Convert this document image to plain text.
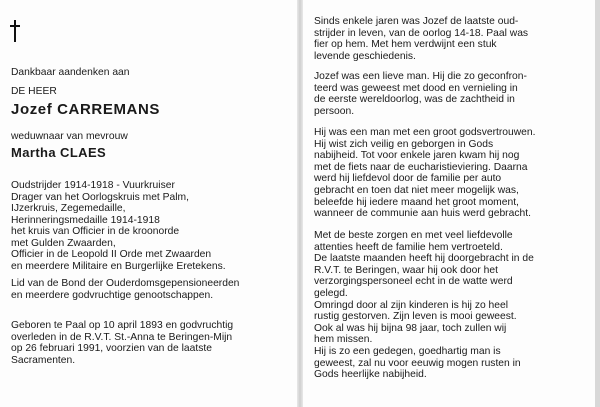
Dankbaar aandenken aan
DE HEER
Jozef CARREMANS
weduwnaar van mevrouw
Martha CLAES
Oudstrijder 1914-1918 - Vuurkruiser
Drager van het Oorlogskruis met Palm,
IJzerkruis, Zegemedaille,
Herinneringsmedaille 1914-1918
het kruis van Officier in de kroonorde
met Gulden Zwaarden,
Officier in de Leopold II Orde met Zwaarden
en meerdere Militaire en Burgerlijke Eretekens.
Lid van de Bond der Ouderdomsgepensioneerden
en meerdere godvruchtige genootschappen.
Geboren te Paal op 10 april 1893 en godvruchtig
overleden in de R.V.T. St.-Anna te Beringen-Mijn
op 26 februari 1991, voorzien van de laatste
Sacramenten.
Sinds enkele jaren was Jozef de laatste oud-
strijder in leven, van de oorlog 14-18. Paal was
fier op hem. Met hem verdwijnt een stuk
levende geschiedenis.
Jozef was een lieve man. Hij die zo geconfron-
teerd was geweest met dood en vernieling in
de eerste wereldoorlog, was de zachtheid in
persoon.
Hij was een man met een groot godsvertrouwen.
Hij wist zich veilig en geborgen in Gods
nabijheid. Tot voor enkele jaren kwam hij nog
met de fiets naar de eucharistieviering. Daarna
werd hij liefdevol door de familie per auto
gebracht en toen dat niet meer mogelijk was,
beleefde hij iedere maand het groot moment,
wanneer de communie aan huis werd gebracht.
Met de beste zorgen en met veel liefdevolle
attenties heeft de familie hem vertroeteld.
De laatste maanden heeft hij doorgebracht in de
R.V.T. te Beringen, waar hij ook door het
verzorgingspersoneel echt in de watte werd
gelegd.
Omringd door al zijn kinderen is hij zo heel
rustig gestorven. Zijn leven is mooi geweest.
Ook al was hij bijna 98 jaar, toch zullen wij
hem missen.
Hij is zo een gedegen, goedhartig man is
geweest, zal nu voor eeuwig mogen rusten in
Gods heerlijke nabijheid.
